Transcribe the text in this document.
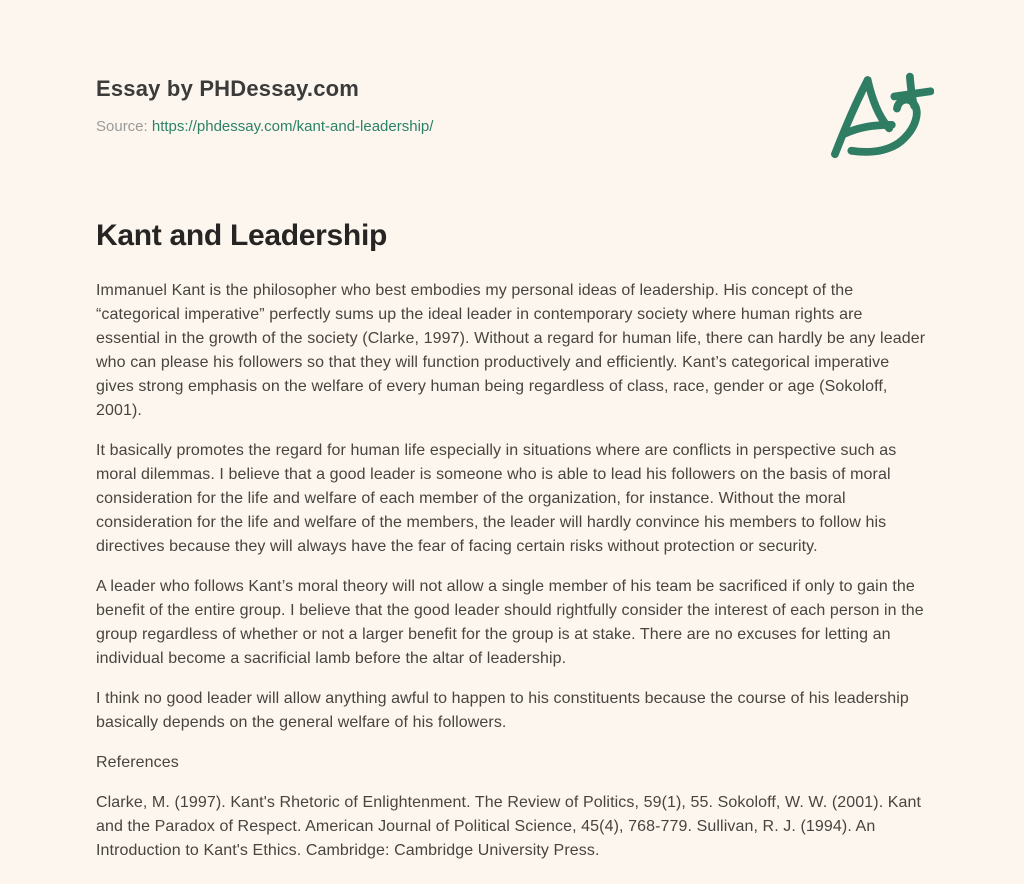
Essay by PHDessay.com
Source: https://phdessay.com/kant-and-leadership/
Kant and Leadership

Immanuel Kant is the philosopher who best embodies my personal ideas of leadership. His concept of the “categorical imperative” perfectly sums up the ideal leader in contemporary society where human rights are essential in the growth of the society (Clarke, 1997). Without a regard for human life, there can hardly be any leader who can please his followers so that they will function productively and efficiently. Kant’s categorical imperative gives strong emphasis on the welfare of every human being regardless of class, race, gender or age (Sokoloff, 2001).

It basically promotes the regard for human life especially in situations where are conflicts in perspective such as moral dilemmas. I believe that a good leader is someone who is able to lead his followers on the basis of moral consideration for the life and welfare of each member of the organization, for instance. Without the moral consideration for the life and welfare of the members, the leader will hardly convince his members to follow his directives because they will always have the fear of facing certain risks without protection or security.

A leader who follows Kant’s moral theory will not allow a single member of his team be sacrificed if only to gain the benefit of the entire group. I believe that the good leader should rightfully consider the interest of each person in the group regardless of whether or not a larger benefit for the group is at stake. There are no excuses for letting an individual become a sacrificial lamb before the altar of leadership.

I think no good leader will allow anything awful to happen to his constituents because the course of his leadership basically depends on the general welfare of his followers.

References

Clarke, M. (1997). Kant's Rhetoric of Enlightenment. The Review of Politics, 59(1), 55. Sokoloff, W. W. (2001). Kant and the Paradox of Respect. American Journal of Political Science, 45(4), 768-779. Sullivan, R. J. (1994). An Introduction to Kant's Ethics. Cambridge: Cambridge University Press.
